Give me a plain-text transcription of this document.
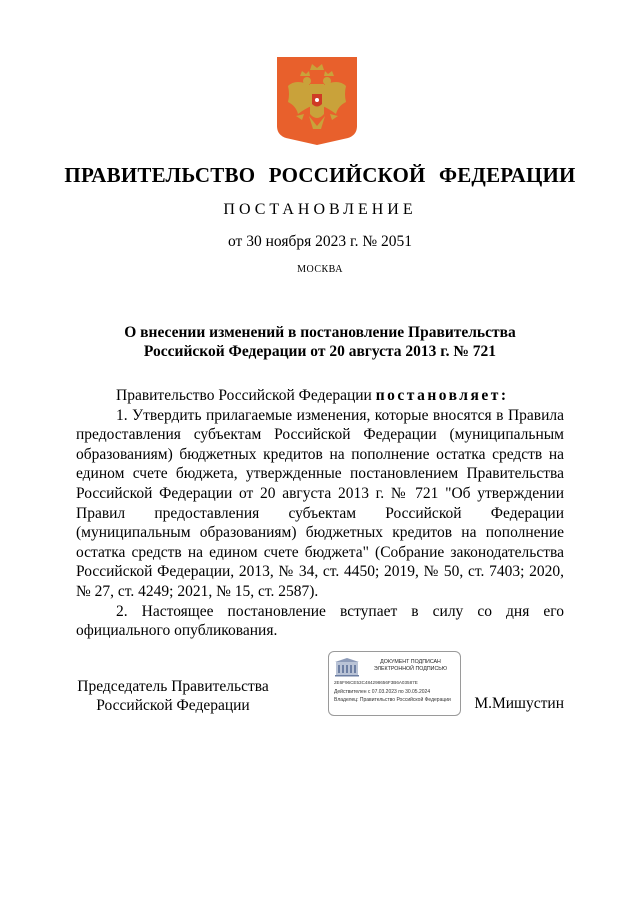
ПРАВИТЕЛЬСТВО РОССИЙСКОЙ ФЕДЕРАЦИИ
ПОСТАНОВЛЕНИЕ
от 30 ноября 2023 г. № 2051
МОСКВА
О внесении изменений в постановление Правительства
Российской Федерации от 20 августа 2013 г. № 721

Правительство Российской Федерации постановляет:

1. Утвердить прилагаемые изменения, которые вносятся в Правила предоставления субъектам Российской Федерации (муниципальным образованиям) бюджетных кредитов на пополнение остатка средств на едином счете бюджета, утвержденные постановлением Правительства Российской Федерации от 20 августа 2013 г. № 721 "Об утверждении Правил предоставления субъектам Российской Федерации (муниципальным образованиям) бюджетных кредитов на пополнение остатка средств на едином счете бюджета" (Собрание законодательства Российской Федерации, 2013, № 34, ст. 4450; 2019, № 50, ст. 7403; 2020, № 27, ст. 4249; 2021, № 15, ст. 2587).

2. Настоящее постановление вступает в силу со дня его официального опубликования.

Председатель Правительства
Российской Федерации
ДОКУМЕНТ ПОДПИСАН
ЭЛЕКТРОННОЙ ПОДПИСЬЮ
2E6F96CE53C484298656F3B6A03587E
Действителен с 07.03.2023 по 30.05.2024
Владелец: Правительство Российской Федерации	М.Мишустин
